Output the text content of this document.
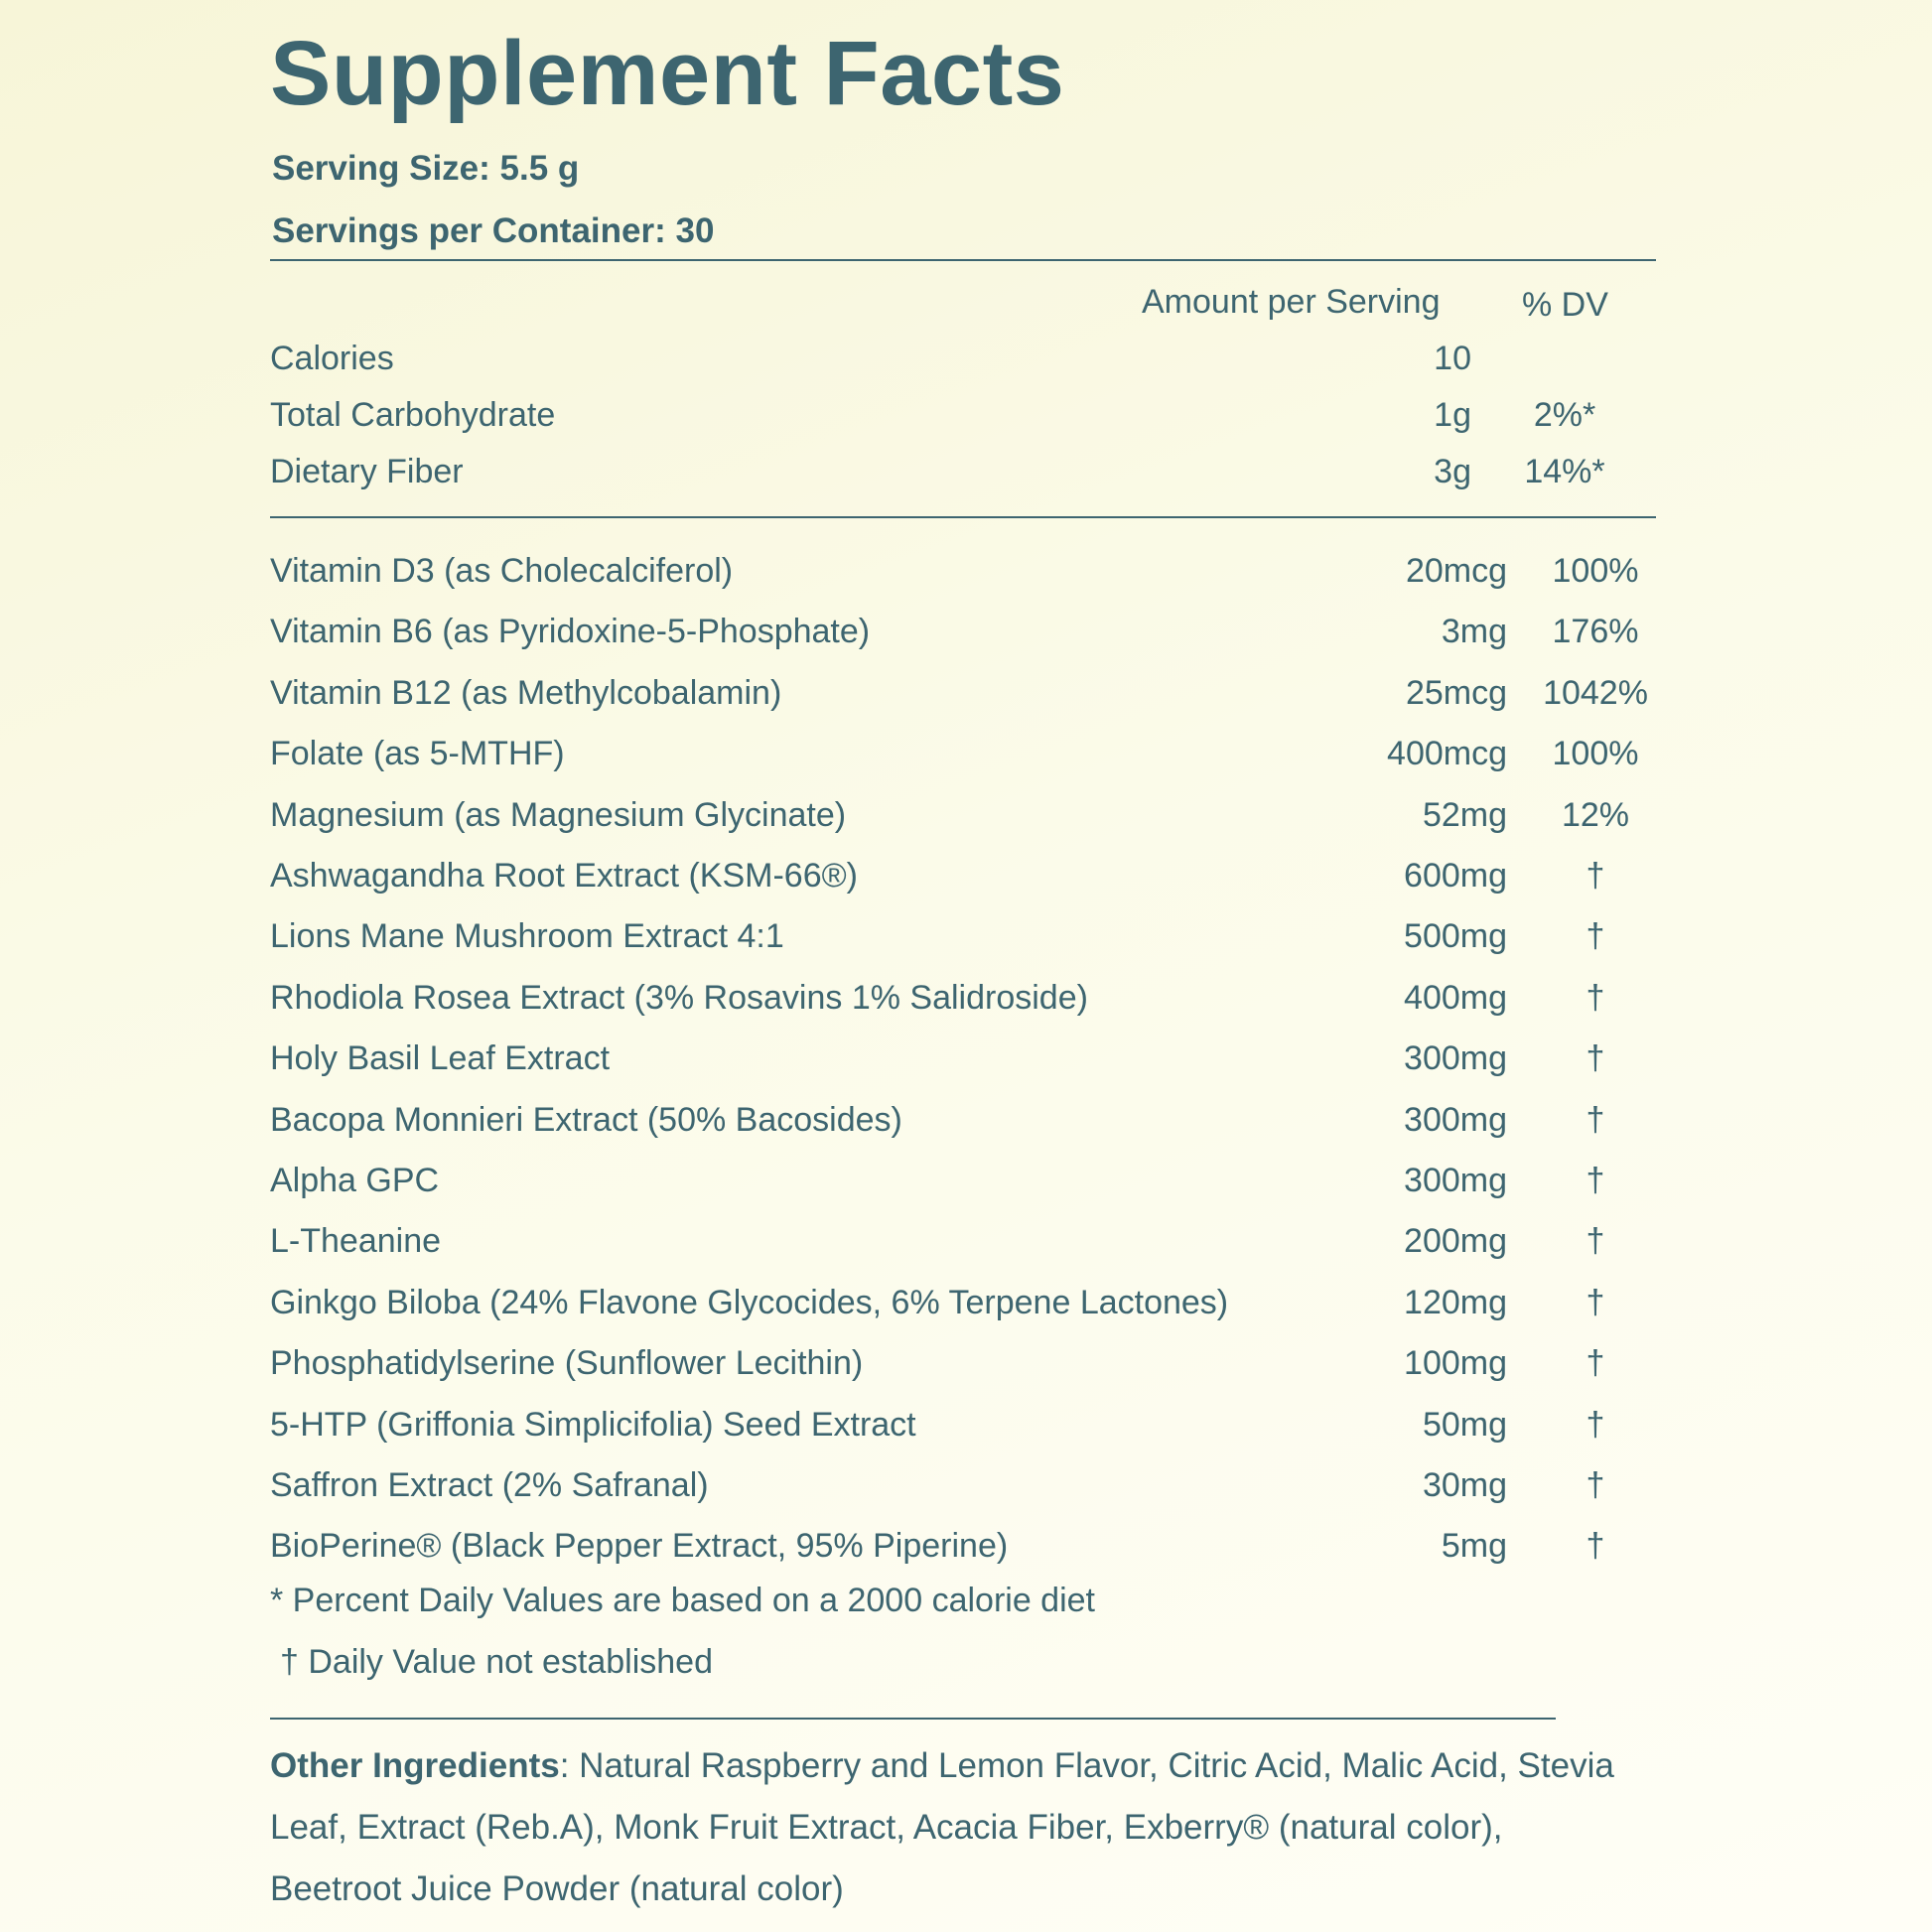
Supplement Facts
Serving Size: 5.5 g
Servings per Container: 30
Amount per Serving % DV
Calories	10
Total Carbohydrate	1g	2%*
Dietary Fiber	3g	14%*
Vitamin D3 (as Cholecalciferol)	20mcg	100%
Vitamin B6 (as Pyridoxine-5-Phosphate)	3mg	176%
Vitamin B12 (as Methylcobalamin)	25mcg	1042%
Folate (as 5-MTHF)	400mcg	100%
Magnesium (as Magnesium Glycinate)	52mg	12%
Ashwagandha Root Extract (KSM-66®)	600mg	†
Lions Mane Mushroom Extract 4:1	500mg	†
Rhodiola Rosea Extract (3% Rosavins 1% Salidroside)	400mg	†
Holy Basil Leaf Extract	300mg	†
Bacopa Monnieri Extract (50% Bacosides)	300mg	†
Alpha GPC	300mg	†
L-Theanine	200mg	†
Ginkgo Biloba (24% Flavone Glycocides, 6% Terpene Lactones)	120mg	†
Phosphatidylserine (Sunflower Lecithin)	100mg	†
5-HTP (Griffonia Simplicifolia) Seed Extract	50mg	†
Saffron Extract (2% Safranal)	30mg	†
BioPerine® (Black Pepper Extract, 95% Piperine)	5mg	†
* Percent Daily Values are based on a 2000 calorie diet
† Daily Value not established
Other Ingredients: Natural Raspberry and Lemon Flavor, Citric Acid, Malic Acid, Stevia Leaf, Extract (Reb.A), Monk Fruit Extract, Acacia Fiber, Exberry® (natural color), Beetroot Juice Powder (natural color)
